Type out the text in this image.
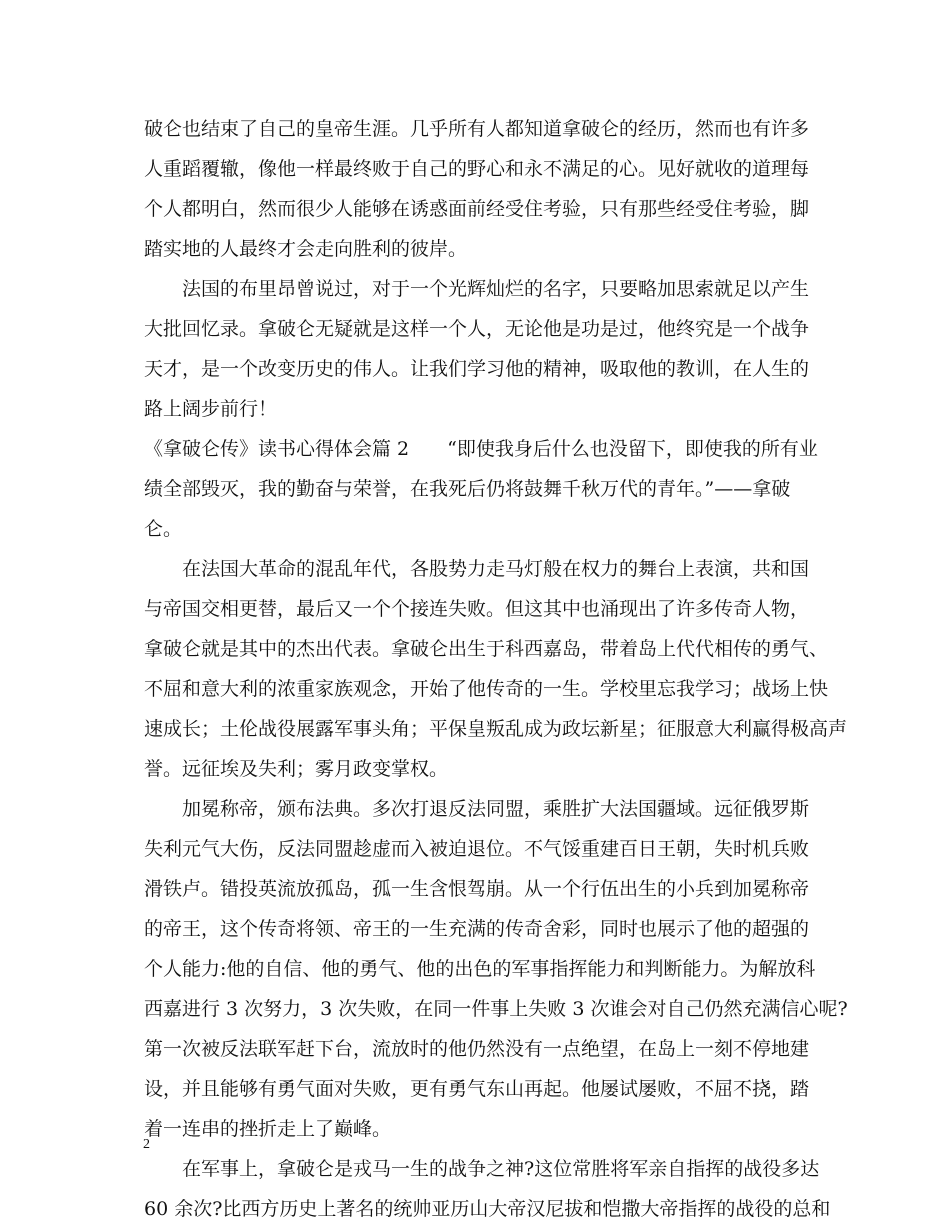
破仑也结束了自己的皇帝生涯。几乎所有人都知道拿破仑的经历，然而也有许多
人重蹈覆辙，像他一样最终败于自己的野心和永不满足的心。见好就收的道理每
个人都明白，然而很少人能够在诱惑面前经受住考验，只有那些经受住考验，脚
踏实地的人最终才会走向胜利的彼岸。
法国的布里昂曾说过，对于一个光辉灿烂的名字，只要略加思索就足以产生
大批回忆录。拿破仑无疑就是这样一个人，无论他是功是过，他终究是一个战争
天才，是一个改变历史的伟人。让我们学习他的精神，吸取他的教训，在人生的
路上阔步前行！
《拿破仑传》读书心得体会篇 2　　“即使我身后什么也没留下，即使我的所有业
绩全部毁灭，我的勤奋与荣誉，在我死后仍将鼓舞千秋万代的青年。”——拿破
仑。
在法国大革命的混乱年代，各股势力走马灯般在权力的舞台上表演，共和国
与帝国交相更替，最后又一个个接连失败。但这其中也涌现出了许多传奇人物，
拿破仑就是其中的杰出代表。拿破仑出生于科西嘉岛，带着岛上代代相传的勇气、
不屈和意大利的浓重家族观念，开始了他传奇的一生。学校里忘我学习；战场上快
速成长；土伦战役展露军事头角；平保皇叛乱成为政坛新星；征服意大利赢得极高声
誉。远征埃及失利；雾月政变掌权。
加冕称帝，颁布法典。多次打退反法同盟，乘胜扩大法国疆域。远征俄罗斯
失利元气大伤，反法同盟趁虚而入被迫退位。不气馁重建百日王朝，失时机兵败
滑铁卢。错投英流放孤岛，孤一生含恨驾崩。从一个行伍出生的小兵到加冕称帝
的帝王，这个传奇将领、帝王的一生充满的传奇舍彩，同时也展示了他的超强的
个人能力:他的自信、他的勇气、他的出色的军事指挥能力和判断能力。为解放科
西嘉进行 3 次努力，3 次失败，在同一件事上失败 3 次谁会对自己仍然充满信心呢?
第一次被反法联军赶下台，流放时的他仍然没有一点绝望，在岛上一刻不停地建
设，并且能够有勇气面对失败，更有勇气东山再起。他屡试屡败，不屈不挠，踏
着一连串的挫折走上了巅峰。
在军事上，拿破仑是戎马一生的战争之神?这位常胜将军亲自指挥的战役多达
60 余次?比西方历史上著名的统帅亚历山大帝汉尼拔和恺撒大帝指挥的战役的总和
2
